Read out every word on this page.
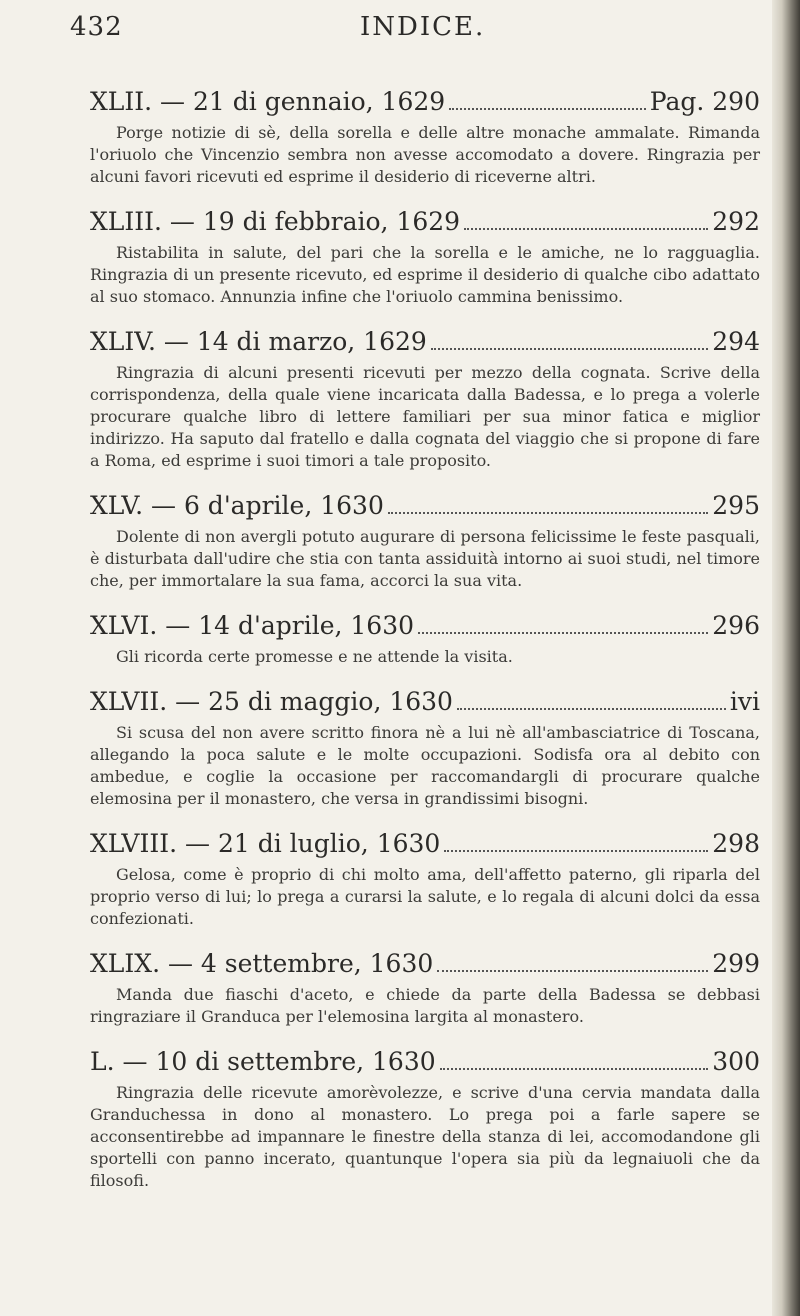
432	INDICE.
XLII. — 21 di gennaio, 1629	Pag. 290

Porge notizie di sè, della sorella e delle altre monache ammalate. Rimanda l'oriuolo che Vincenzio sembra non avesse accomodato a dovere. Ringrazia per alcuni favori ricevuti ed esprime il desiderio di riceverne altri.

XLIII. — 19 di febbraio, 1629	292

Ristabilita in salute, del pari che la sorella e le amiche, ne lo ragguaglia. Ringrazia di un presente ricevuto, ed esprime il desiderio di qualche cibo adattato al suo stomaco. Annunzia infine che l'oriuolo cammina benissimo.

XLIV. — 14 di marzo, 1629	294

Ringrazia di alcuni presenti ricevuti per mezzo della cognata. Scrive della corrispondenza, della quale viene incaricata dalla Badessa, e lo prega a volerle procurare qualche libro di lettere familiari per sua minor fatica e miglior indirizzo. Ha saputo dal fratello e dalla cognata del viaggio che si propone di fare a Roma, ed esprime i suoi timori a tale proposito.

XLV. — 6 d'aprile, 1630	295

Dolente di non avergli potuto augurare di persona felicissime le feste pasquali, è disturbata dall'udire che stia con tanta assiduità intorno ai suoi studi, nel timore che, per immortalare la sua fama, accorci la sua vita.

XLVI. — 14 d'aprile, 1630	296

Gli ricorda certe promesse e ne attende la visita.

XLVII. — 25 di maggio, 1630	ivi

Si scusa del non avere scritto finora nè a lui nè all'ambasciatrice di Toscana, allegando la poca salute e le molte occupazioni. Sodisfa ora al debito con ambedue, e coglie la occasione per raccomandargli di procurare qualche elemosina per il monastero, che versa in grandissimi bisogni.

XLVIII. — 21 di luglio, 1630	298

Gelosa, come è proprio di chi molto ama, dell'affetto paterno, gli riparla del proprio verso di lui; lo prega a curarsi la salute, e lo regala di alcuni dolci da essa confezionati.

XLIX. — 4 settembre, 1630	299

Manda due fiaschi d'aceto, e chiede da parte della Badessa se debbasi ringraziare il Granduca per l'elemosina largita al monastero.

L. — 10 di settembre, 1630	300

Ringrazia delle ricevute amorèvolezze, e scrive d'una cervia mandata dalla Granduchessa in dono al monastero. Lo prega poi a farle sapere se acconsentirebbe ad impannare le finestre della stanza di lei, accomodandone gli sportelli con panno incerato, quantunque l'opera sia più da legnaiuoli che da filosofi.
